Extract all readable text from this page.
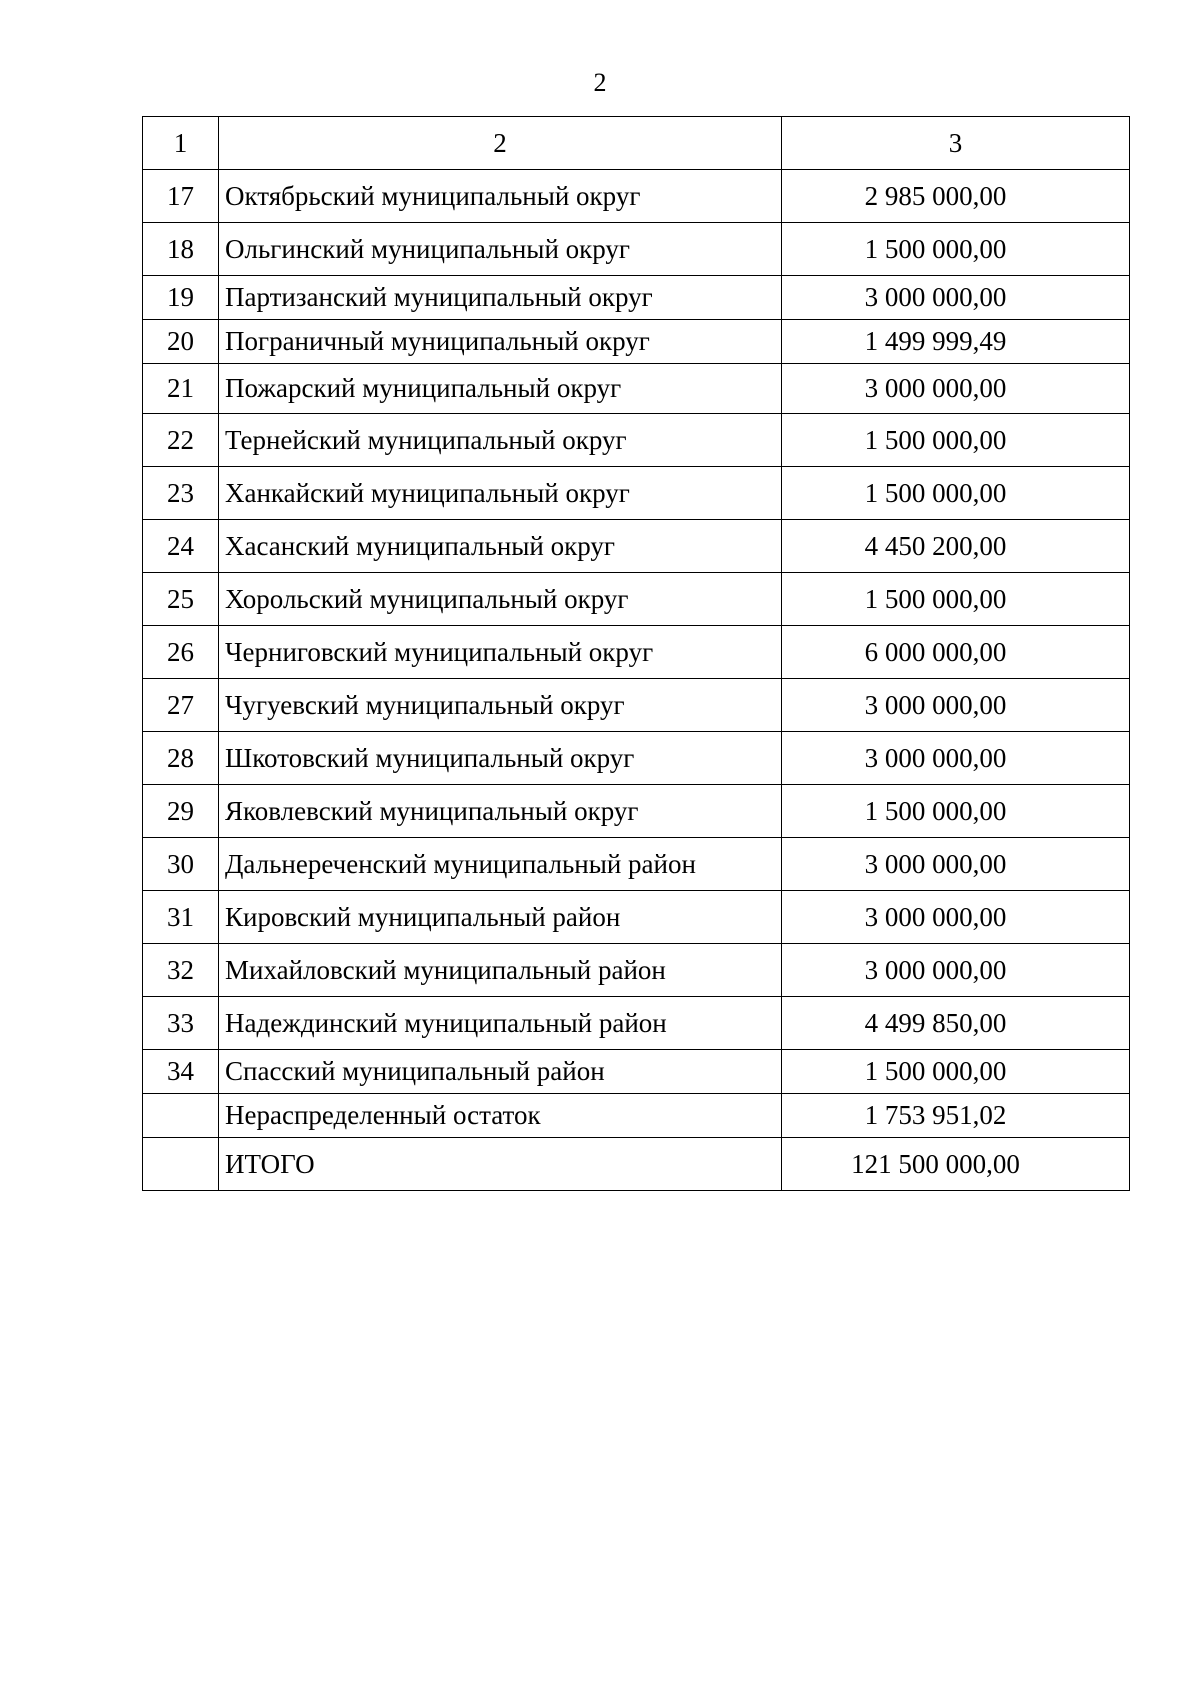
2
1	2	3
17	Октябрьский муниципальный округ	2 985 000,00
18	Ольгинский муниципальный округ	1 500 000,00
19	Партизанский муниципальный округ	3 000 000,00
20	Пограничный муниципальный округ	1 499 999,49
21	Пожарский муниципальный округ	3 000 000,00
22	Тернейский муниципальный округ	1 500 000,00
23	Ханкайский муниципальный округ	1 500 000,00
24	Хасанский муниципальный округ	4 450 200,00
25	Хорольский муниципальный округ	1 500 000,00
26	Черниговский муниципальный округ	6 000 000,00
27	Чугуевский муниципальный округ	3 000 000,00
28	Шкотовский муниципальный округ	3 000 000,00
29	Яковлевский муниципальный округ	1 500 000,00
30	Дальнереченский муниципальный район	3 000 000,00
31	Кировский муниципальный район	3 000 000,00
32	Михайловский муниципальный район	3 000 000,00
33	Надеждинский муниципальный район	4 499 850,00
34	Спасский муниципальный район	1 500 000,00
	Нераспределенный остаток	1 753 951,02
	ИТОГО	121 500 000,00
